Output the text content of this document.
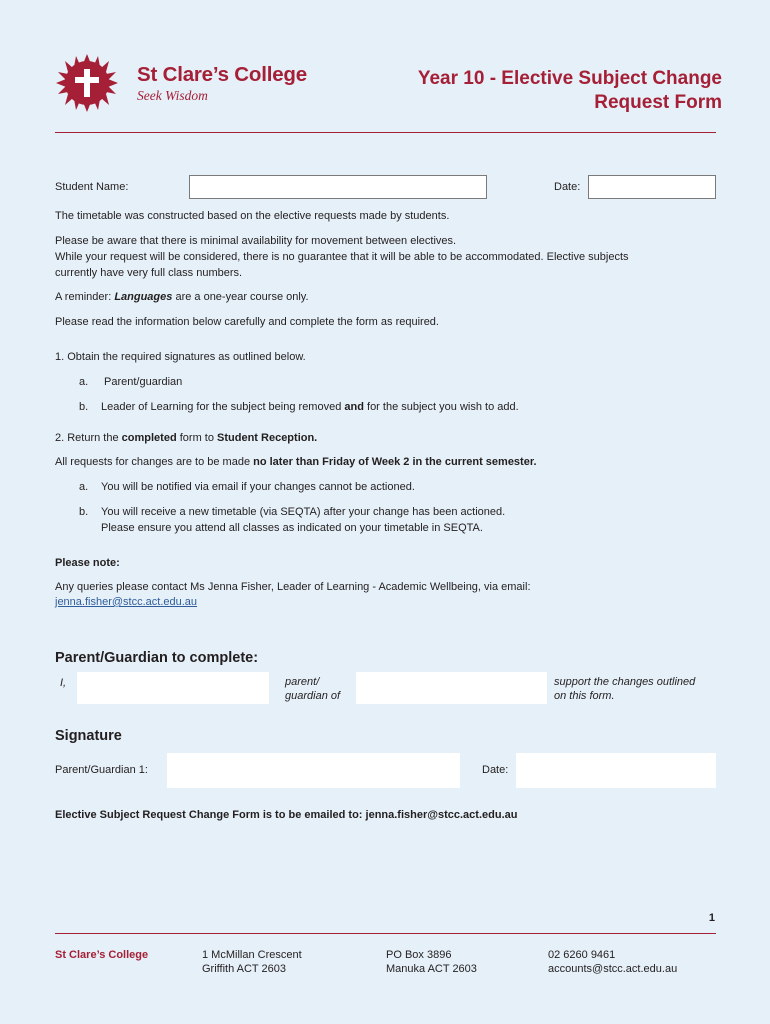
St Clare’s College
Seek Wisdom
Year 10 - Elective Subject Change
Request Form
Student Name:	Date:
The timetable was constructed based on the elective requests made by students.
Please be aware that there is minimal availability for movement between electives.
While your request will be considered, there is no guarantee that it will be able to be accommodated. Elective subjects
currently have very full class numbers.
A reminder: Languages are a one-year course only.
Please read the information below carefully and complete the form as required.
1. Obtain the required signatures as outlined below.
a. Parent/guardian
b. Leader of Learning for the subject being removed and for the subject you wish to add.
2. Return the completed form to Student Reception.
All requests for changes are to be made no later than Friday of Week 2 in the current semester.
a. You will be notified via email if your changes cannot be actioned.
b. You will receive a new timetable (via SEQTA) after your change has been actioned.
Please ensure you attend all classes as indicated on your timetable in SEQTA.
Please note:
Any queries please contact Ms Jenna Fisher, Leader of Learning - Academic Wellbeing, via email:
jenna.fisher@stcc.act.edu.au
Parent/Guardian to complete:
I,	parent/
guardian of
support the changes outlined
on this form.
Signature
Parent/Guardian 1:	Date:
Elective Subject Request Change Form is to be emailed to: jenna.fisher@stcc.act.edu.au
1
St Clare’s College	1 McMillan Crescent
Griffith ACT 2603
PO Box 3896
Manuka ACT 2603
02 6260 9461
accounts@stcc.act.edu.au
